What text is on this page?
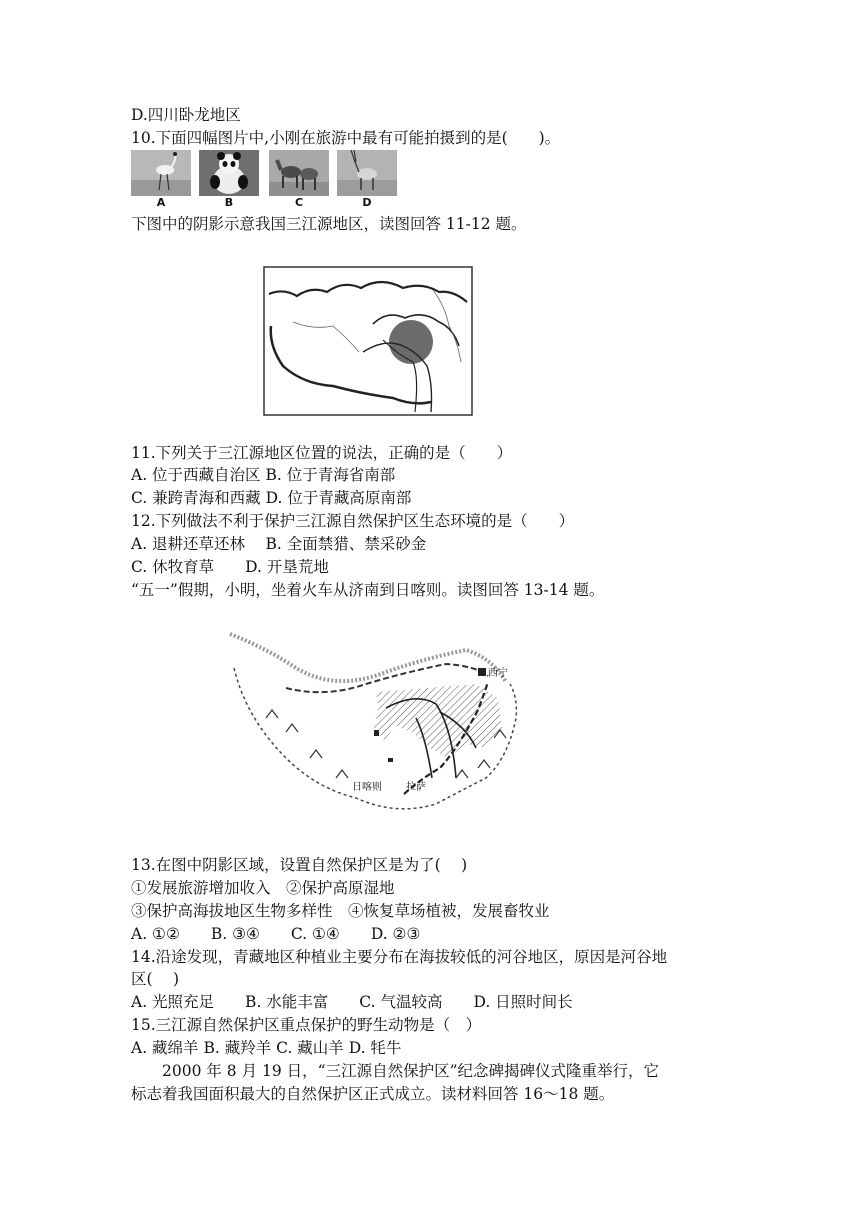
D.四川卧龙地区
10.下面四幅图片中,小刚在旅游中最有可能拍摄到的是(　　)。
A	B	C	D
下图中的阴影示意我国三江源地区，读图回答 11-12 题。
11.下列关于三江源地区位置的说法，正确的是（　　）
A. 位于西藏自治区 B. 位于青海省南部
C. 兼跨青海和西藏 D. 位于青藏高原南部
12.下列做法不利于保护三江源自然保护区生态环境的是（　　）
A. 退耕还草还林　 B. 全面禁猎、禁采砂金
C. 休牧育草　　D. 开垦荒地
“五一”假期，小明，坐着火车从济南到日喀则。读图回答 13-14 题。
西宁
日喀则 拉萨
13.在图中阴影区域，设置自然保护区是为了(　 )
①发展旅游增加收入　②保护高原湿地
③保护高海拔地区生物多样性　④恢复草场植被，发展畜牧业
A. ①②　　B. ③④　　C. ①④　　D. ②③
14.沿途发现，青藏地区种植业主要分布在海拔较低的河谷地区，原因是河谷地
区(　 )
A. 光照充足　　B. 水能丰富　　C. 气温较高　　D. 日照时间长
15.三江源自然保护区重点保护的野生动物是（　）
A. 藏绵羊 B. 藏羚羊 C. 藏山羊 D. 牦牛
　　2000 年 8 月 19 日，“三江源自然保护区”纪念碑揭碑仪式隆重举行，它
标志着我国面积最大的自然保护区正式成立。读材料回答 16～18 题。
